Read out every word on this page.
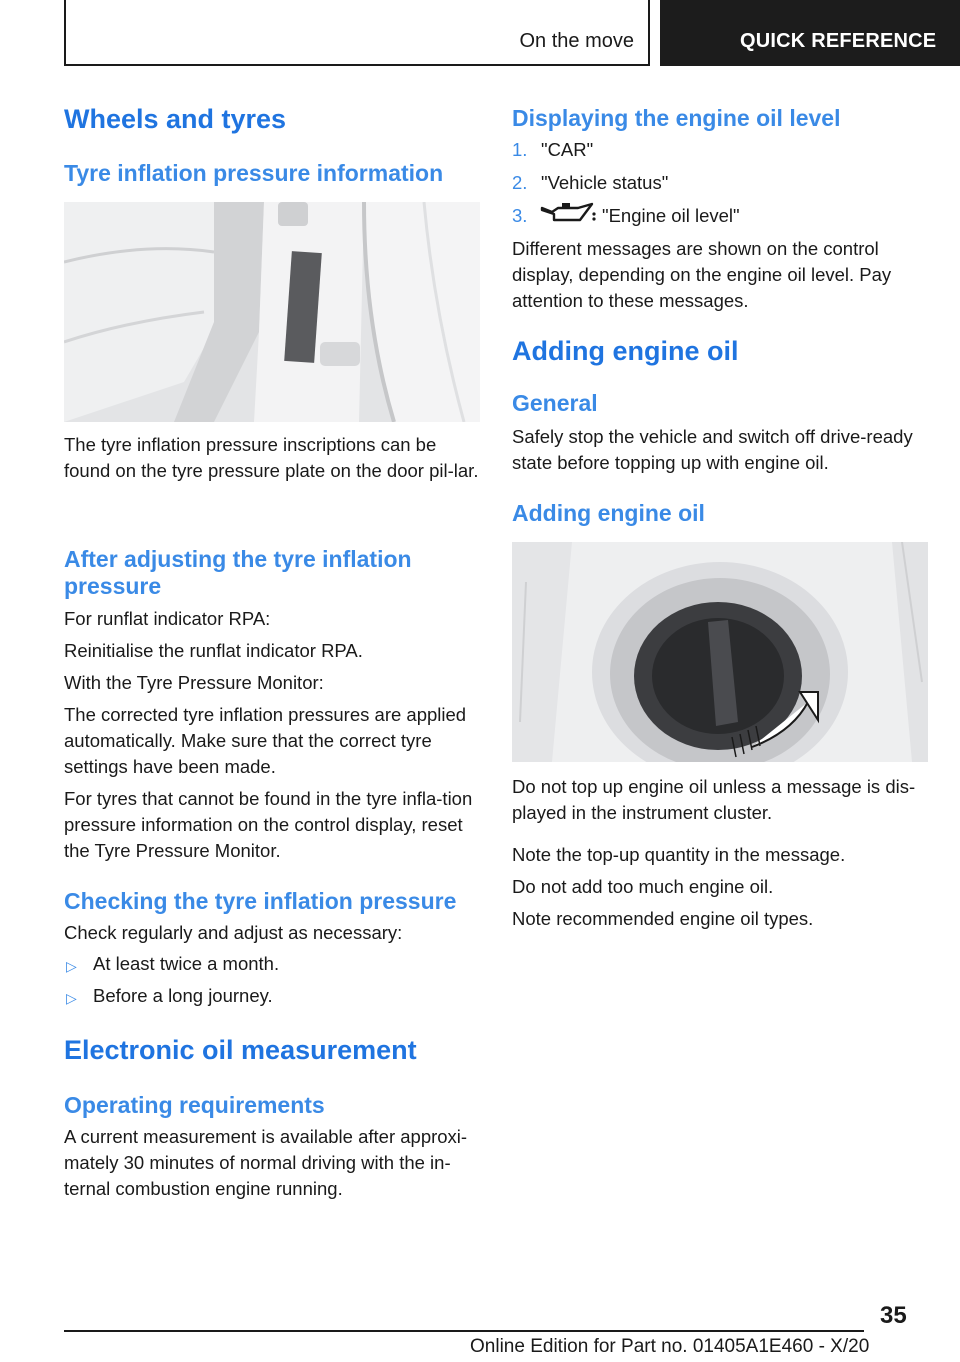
On the move	QUICK REFERENCE
Wheels and tyres
Tyre inflation pressure information
The tyre inflation pressure inscriptions can be found on the tyre pressure plate on the door pil-lar.
After adjusting the tyre inflation pressure
For runflat indicator RPA:
Reinitialise the runflat indicator RPA.
With the Tyre Pressure Monitor:
The corrected tyre inflation pressures are applied automatically. Make sure that the correct tyre settings have been made.
For tyres that cannot be found in the tyre infla-tion pressure information on the control display, reset the Tyre Pressure Monitor.
Checking the tyre inflation pressure
Check regularly and adjust as necessary:
▷ At least twice a month.
▷ Before a long journey.
Electronic oil measurement
Operating requirements
A current measurement is available after approxi-mately 30 minutes of normal driving with the in-ternal combustion engine running.
Displaying the engine oil level
1. "CAR"
2. "Vehicle status"
3.	"Engine oil level"
Different messages are shown on the control display, depending on the engine oil level. Pay attention to these messages.
Adding engine oil
General
Safely stop the vehicle and switch off drive-ready state before topping up with engine oil.
Adding engine oil
Do not top up engine oil unless a message is dis-played in the instrument cluster.
Note the top-up quantity in the message.
Do not add too much engine oil.
Note recommended engine oil types.
35
Online Edition for Part no. 01405A1E460 - X/20
